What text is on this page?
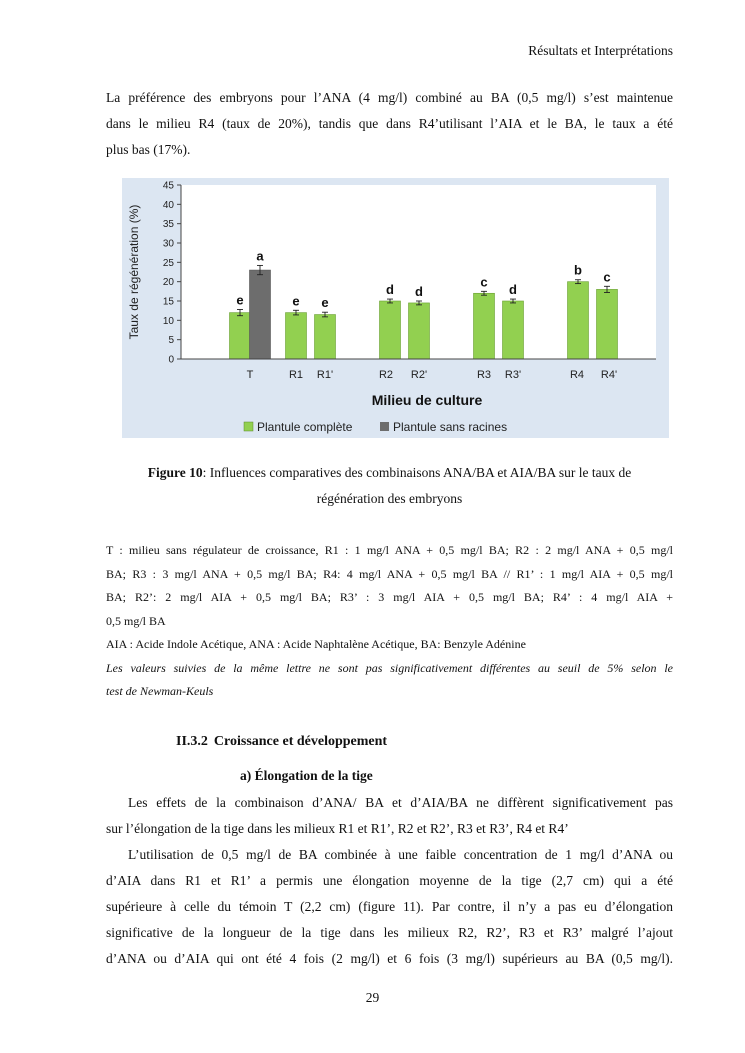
Résultats et Interprétations
La préférence des embryons pour l’ANA (4 mg/l) combiné au BA (0,5 mg/l) s’est maintenue
dans le milieu R4 (taux de 20%), tandis que dans R4’utilisant l’AIA et le BA, le taux a été
plus bas (17%).
e
a
e e
d d
c
d
b c
0
5
10
15
20
25
30
35
40
45
T	R1 R1'	R2 R2'	R3 R3'	R4 R4'
Taux de régénération (%)
Milieu de culture
Plantule complète	Plantule sans racines
Figure 10: Influences comparatives des combinaisons ANA/BA et AIA/BA sur le taux de
régénération des embryons
T : milieu sans régulateur de croissance, R1 : 1 mg/l ANA + 0,5 mg/l BA; R2 : 2 mg/l ANA + 0,5 mg/l
BA; R3 : 3 mg/l ANA + 0,5 mg/l BA; R4: 4 mg/l ANA + 0,5 mg/l BA // R1’ : 1 mg/l AIA + 0,5 mg/l
BA; R2’: 2 mg/l AIA + 0,5 mg/l BA; R3’ : 3 mg/l AIA + 0,5 mg/l BA; R4’ : 4 mg/l AIA +
0,5 mg/l BA
AIA : Acide Indole Acétique, ANA : Acide Naphtalène Acétique, BA: Benzyle Adénine
Les valeurs suivies de la même lettre ne sont pas significativement différentes au seuil de 5% selon le
test de Newman-Keuls
II.3.2 Croissance et développement
a) Élongation de la tige
Les effets de la combinaison d’ANA/ BA et d’AIA/BA ne diffèrent significativement pas
sur l’élongation de la tige dans les milieux R1 et R1’, R2 et R2’, R3 et R3’, R4 et R4’
L’utilisation de 0,5 mg/l de BA combinée à une faible concentration de 1 mg/l d’ANA ou
d’AIA dans R1 et R1’ a permis une élongation moyenne de la tige (2,7 cm) qui a été
supérieure à celle du témoin T (2,2 cm) (figure 11). Par contre, il n’y a pas eu d’élongation
significative de la longueur de la tige dans les milieux R2, R2’, R3 et R3’ malgré l’ajout
d’ANA ou d’AIA qui ont été 4 fois (2 mg/l) et 6 fois (3 mg/l) supérieurs au BA (0,5 mg/l).
29
